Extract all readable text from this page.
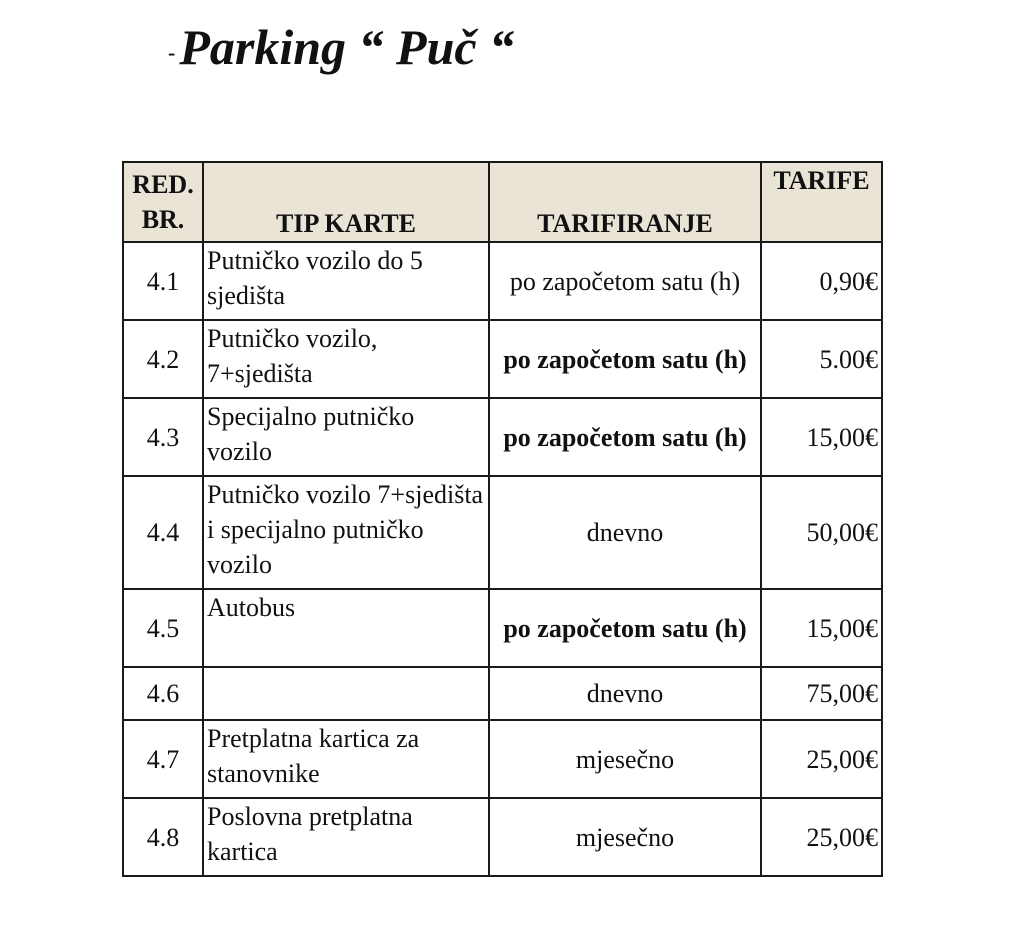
-Parking “ Puč “
RED. BR.	TIP KARTE	TARIFIRANJE	TARIFE
4.1	Putničko vozilo do 5 sjedišta	po započetom satu (h)	0,90€
4.2	Putničko vozilo, 7+sjedišta	po započetom satu (h)	5.00€
4.3	Specijalno putničko vozilo	po započetom satu (h)	15,00€
4.4	Putničko vozilo 7+sjedišta i specijalno putničko vozilo	dnevno	50,00€
4.5	Autobus	po započetom satu (h)	15,00€
4.6		dnevno	75,00€
4.7	Pretplatna kartica za stanovnike	mjesečno	25,00€
4.8	Poslovna pretplatna kartica	mjesečno	25,00€
